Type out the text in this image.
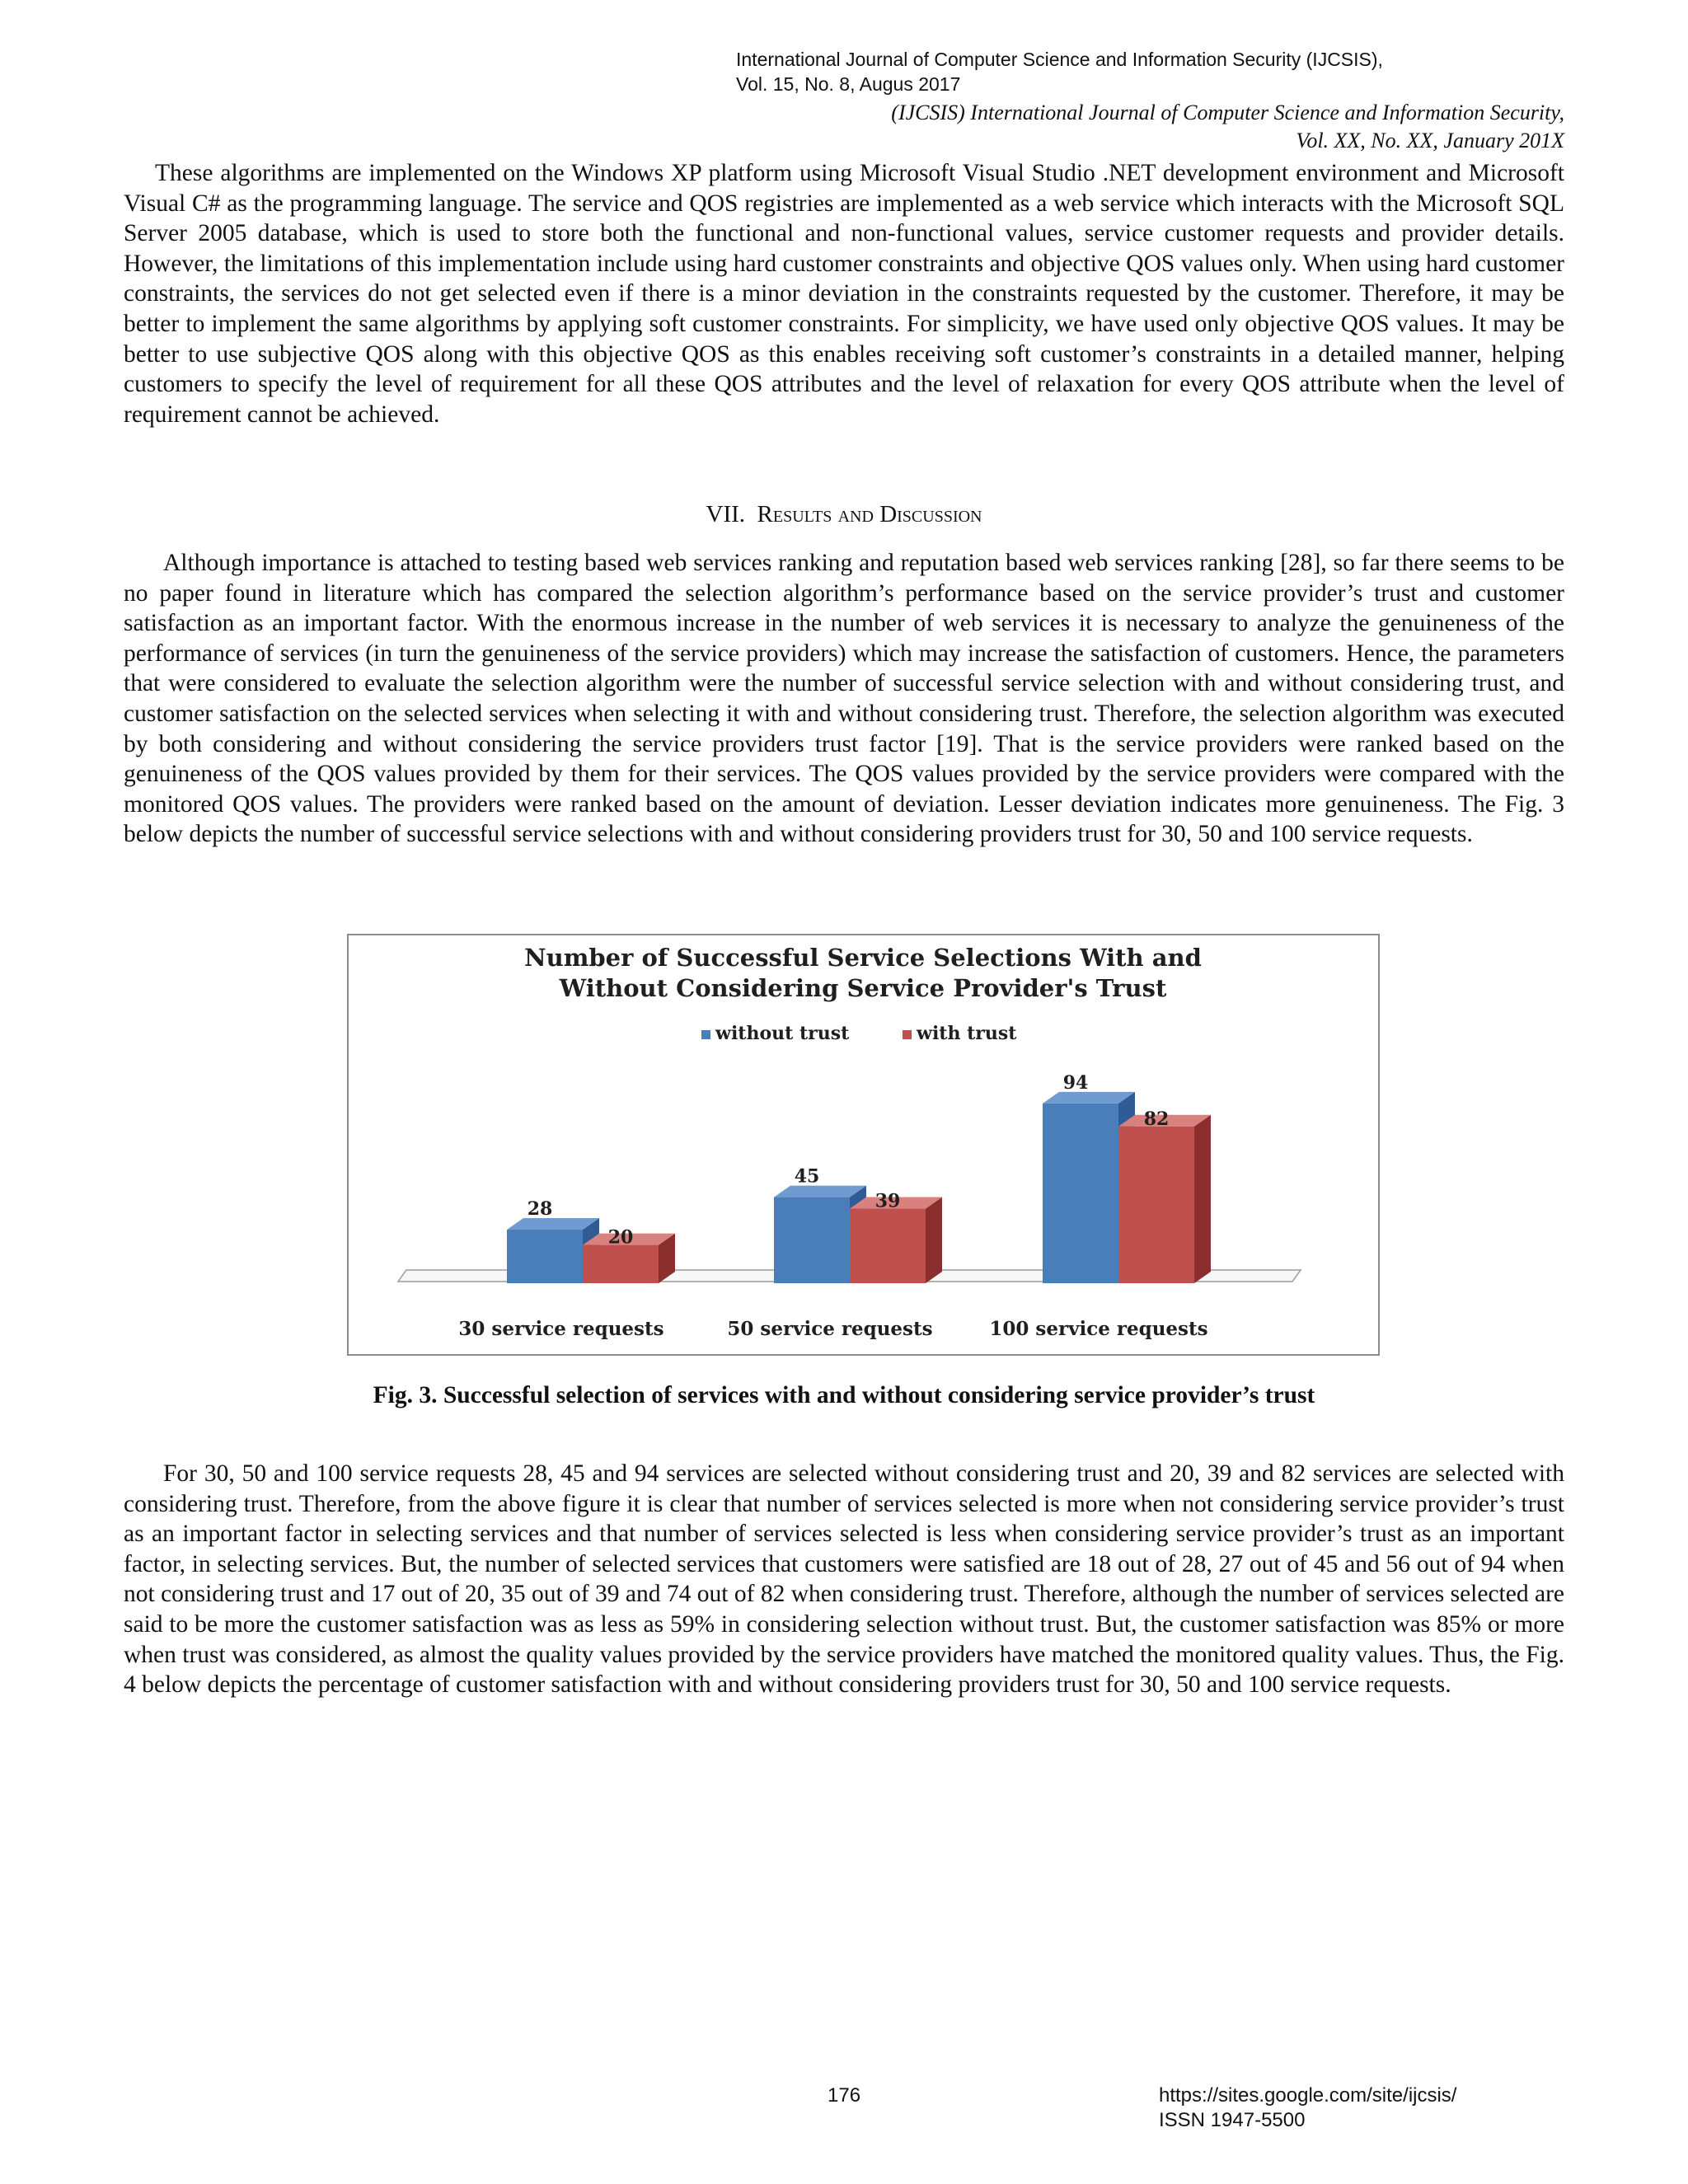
International Journal of Computer Science and Information Security (IJCSIS),
Vol. 15, No. 8, Augus 2017
(IJCSIS) International Journal of Computer Science and Information Security,
Vol. XX, No. XX, January 201X

These algorithms are implemented on the Windows XP platform using Microsoft Visual Studio .NET development environment and Microsoft Visual C# as the programming language. The service and QOS registries are implemented as a web service which interacts with the Microsoft SQL Server 2005 database, which is used to store both the functional and non-functional values, service customer requests and provider details. However, the limitations of this implementation include using hard customer constraints and objective QOS values only. When using hard customer constraints, the services do not get selected even if there is a minor deviation in the constraints requested by the customer. Therefore, it may be better to implement the same algorithms by applying soft customer constraints. For simplicity, we have used only objective QOS values. It may be better to use subjective QOS along with this objective QOS as this enables receiving soft customer’s constraints in a detailed manner, helping customers to specify the level of requirement for all these QOS attributes and the level of relaxation for every QOS attribute when the level of requirement cannot be achieved.

VII. Results and Discussion

Although importance is attached to testing based web services ranking and reputation based web services ranking [28], so far there seems to be no paper found in literature which has compared the selection algorithm’s performance based on the service provider’s trust and customer satisfaction as an important factor. With the enormous increase in the number of web services it is necessary to analyze the genuineness of the performance of services (in turn the genuineness of the service providers) which may increase the satisfaction of customers. Hence, the parameters that were considered to evaluate the selection algorithm were the number of successful service selection with and without considering trust, and customer satisfaction on the selected services when selecting it with and without considering trust. Therefore, the selection algorithm was executed by both considering and without considering the service providers trust factor [19]. That is the service providers were ranked based on the genuineness of the QOS values provided by them for their services. The QOS values provided by the service providers were compared with the monitored QOS values. The providers were ranked based on the amount of deviation. Lesser deviation indicates more genuineness. The Fig. 3 below depicts the number of successful service selections with and without considering providers trust for 30, 50 and 100 service requests.

Number of Successful Service Selections With and
Without Considering Service Provider's Trust
without trust	with trust
28
20
45
39
94
82
30 service requests	50 service requests	100 service requests
Fig. 3. Successful selection of services with and without considering service provider’s trust

For 30, 50 and 100 service requests 28, 45 and 94 services are selected without considering trust and 20, 39 and 82 services are selected with considering trust. Therefore, from the above figure it is clear that number of services selected is more when not considering service provider’s trust as an important factor in selecting services and that number of services selected is less when considering service provider’s trust as an important factor, in selecting services. But, the number of selected services that customers were satisfied are 18 out of 28, 27 out of 45 and 56 out of 94 when not considering trust and 17 out of 20, 35 out of 39 and 74 out of 82 when considering trust. Therefore, although the number of services selected are said to be more the customer satisfaction was as less as 59% in considering selection without trust. But, the customer satisfaction was 85% or more when trust was considered, as almost the quality values provided by the service providers have matched the monitored quality values. Thus, the Fig. 4 below depicts the percentage of customer satisfaction with and without considering providers trust for 30, 50 and 100 service requests.

176	https://sites.google.com/site/ijcsis/
ISSN 1947-5500
